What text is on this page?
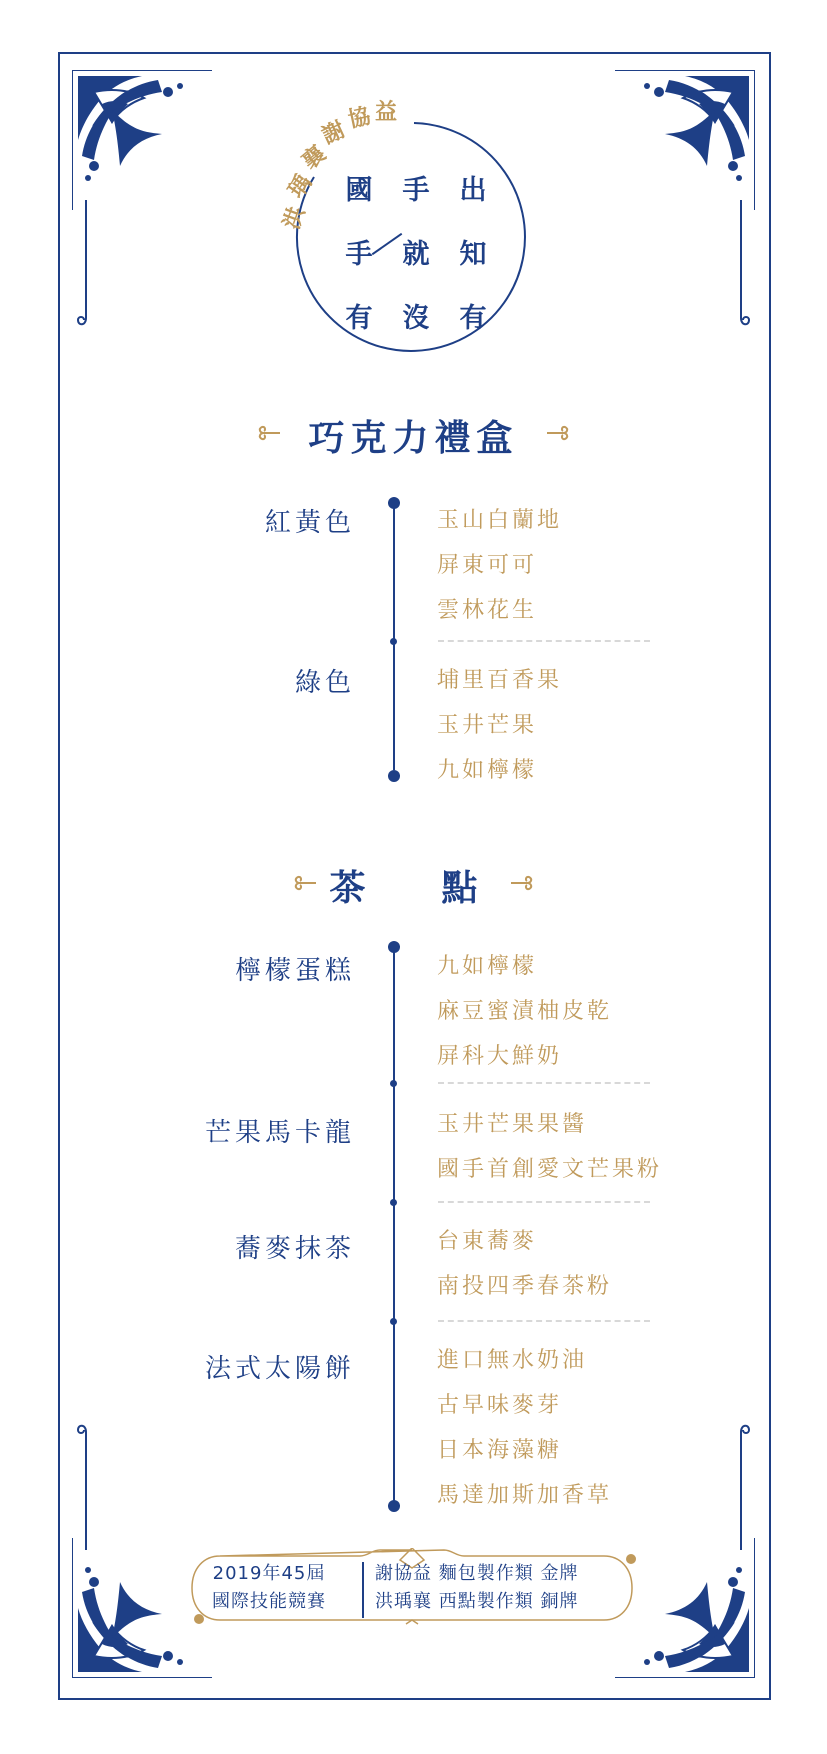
洪
瑀
襄
謝
協 益
國
手
有
手
就
沒
出
知
有
巧克力禮盒
紅黃色	玉山白蘭地
屏東可可
雲林花生
綠色	埔里百香果
玉井芒果
九如檸檬
茶　點
檸檬蛋糕	九如檸檬
麻豆蜜漬柚皮乾
屏科大鮮奶
芒果馬卡龍	玉井芒果果醬
國手首創愛文芒果粉
蕎麥抹茶	台東蕎麥
南投四季春茶粉
法式太陽餅	進口無水奶油
古早味麥芽
日本海藻糖
馬達加斯加香草
2019年45屆
國際技能競賽
謝協益 麵包製作類 金牌
洪瑀襄 西點製作類 銅牌
